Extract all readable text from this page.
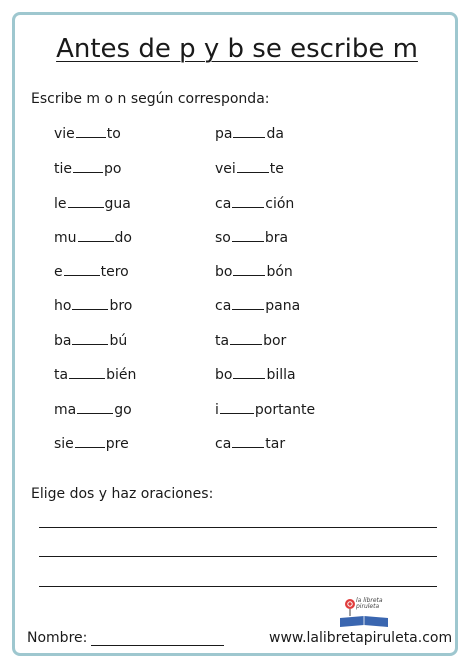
Antes de p y b se escribe m
Escribe m o n según corresponda:
vie to
tie po
le	gua
mu	do
e	tero
ho	bro
ba	bú
ta	bién
ma	go
sie pre
pa da
vei te
ca ción
so bra
bo bón
ca pana
ta bor
bo billa
i	portante
ca tar
Elige dos y haz oraciones:
la libreta piruleta
Nombre:	www.lalibretapiruleta.com
